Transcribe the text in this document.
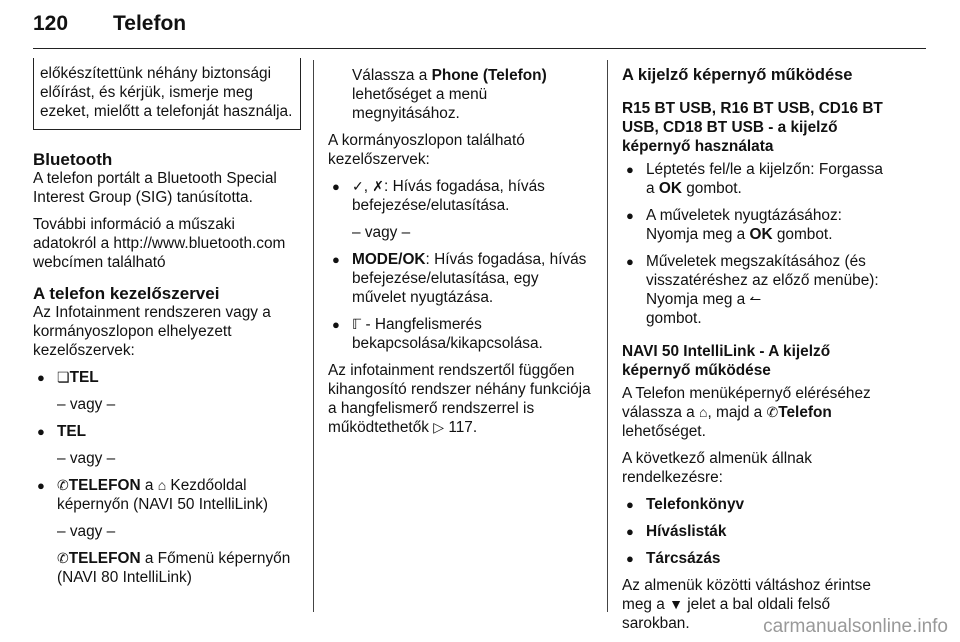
120 Telefon
előkészítettünk néhány biztonsági előírást, és kérjük, ismerje meg ezeket, mielőtt a telefonját használja.
Bluetooth

A telefon portált a Bluetooth Special Interest Group (SIG) tanúsította.

További információ a műszaki adatokról a http://www.bluetooth.com webcímen található

A telefon kezelőszervei

Az Infotainment rendszeren vagy a kormányoszlopon elhelyezett kezelőszervek:

● ❏TEL
– vagy –
● TEL
– vagy –
● ✆TELEFON a ⌂ Kezdőoldal képernyőn (NAVI 50 IntelliLink)
– vagy –
✆TELEFON a Főmenü képernyőn (NAVI 80 IntelliLink)
Válassza a Phone (Telefon) lehetőséget a menü megnyitásához.

A kormányoszlopon található kezelőszervek:

● ✓, ✗: Hívás fogadása, hívás befejezése/elutasítása.
– vagy –
● MODE/OK: Hívás fogadása, hívás befejezése/elutasítása, egy művelet nyugtázása.
● ℾ - Hangfelismerés bekapcsolása/kikapcsolása.

Az infotainment rendszertől függően kihangosító rendszer néhány funkciója a hangfelismerő rendszerrel is működtethetők ▷ 117.

A kijelző képernyő működése
R15 BT USB, R16 BT USB, CD16 BT USB, CD18 BT USB - a kijelző képernyő használata
● Léptetés fel/le a kijelzőn: Forgassa a OK gombot.
● A műveletek nyugtázásához: Nyomja meg a OK gombot.
● Műveletek megszakításához (és visszatéréshez az előző menübe): Nyomja meg a ↼
gombot.
NAVI 50 IntelliLink - A kijelző képernyő működése

A Telefon menüképernyő eléréséhez válassza a ⌂, majd a ✆Telefon lehetőséget.

A következő almenük állnak rendelkezésre:

● Telefonkönyv
● Híváslisták
● Tárcsázás

Az almenük közötti váltáshoz érintse meg a ▼ jelet a bal oldali felső sarokban.	carmanualsonline.info
